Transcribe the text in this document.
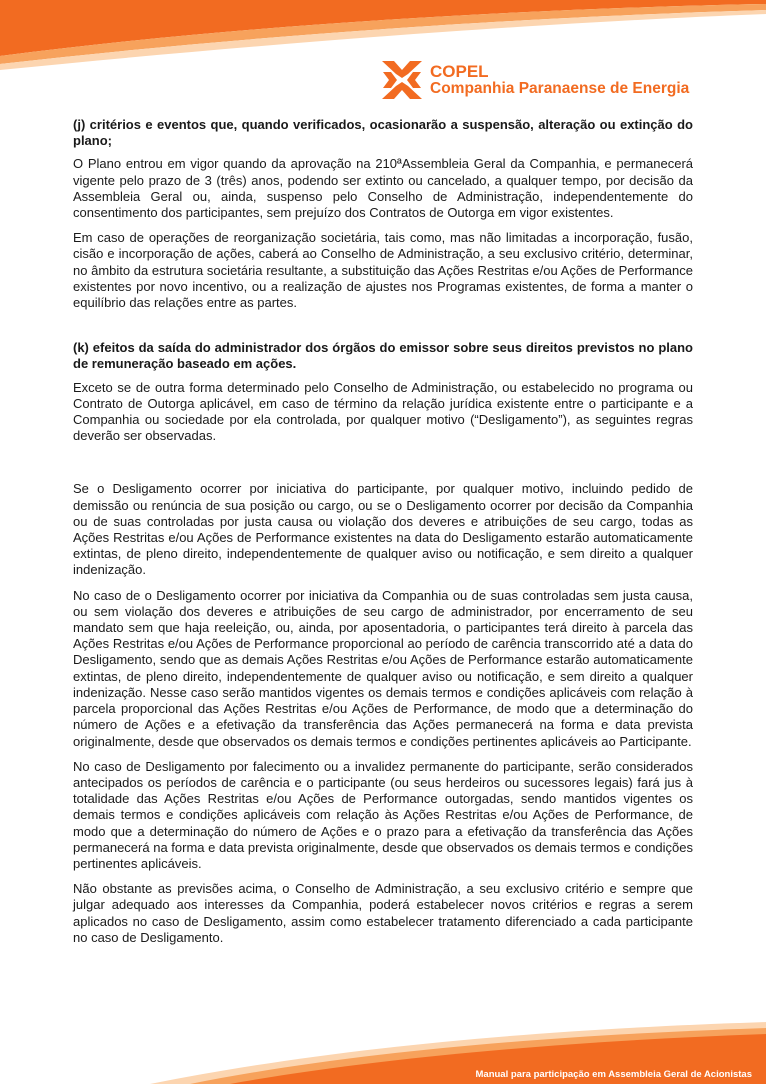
COPEL
Companhia Paranaense de Energia
(j) critérios e eventos que, quando verificados, ocasionarão a suspensão, alteração ou extinção do plano;

O Plano entrou em vigor quando da aprovação na 210ªAssembleia Geral da Companhia, e permanecerá vigente pelo prazo de 3 (três) anos, podendo ser extinto ou cancelado, a qualquer tempo, por decisão da Assembleia Geral ou, ainda, suspenso pelo Conselho de Administração, independentemente do consentimento dos participantes, sem prejuízo dos Contratos de Outorga em vigor existentes.

Em caso de operações de reorganização societária, tais como, mas não limitadas a incorporação, fusão, cisão e incorporação de ações, caberá ao Conselho de Administração, a seu exclusivo critério, determinar, no âmbito da estrutura societária resultante, a substituição das Ações Restritas e/ou Ações de Performance existentes por novo incentivo, ou a realização de ajustes nos Programas existentes, de forma a manter o equilíbrio das relações entre as partes.

(k) efeitos da saída do administrador dos órgãos do emissor sobre seus direitos previstos no plano de remuneração baseado em ações.

Exceto se de outra forma determinado pelo Conselho de Administração, ou estabelecido no programa ou Contrato de Outorga aplicável, em caso de término da relação jurídica existente entre o participante e a Companhia ou sociedade por ela controlada, por qualquer motivo (“Desligamento”), as seguintes regras deverão ser observadas.

Se o Desligamento ocorrer por iniciativa do participante, por qualquer motivo, incluindo pedido de demissão ou renúncia de sua posição ou cargo, ou se o Desligamento ocorrer por decisão da Companhia ou de suas controladas por justa causa ou violação dos deveres e atribuições de seu cargo, todas as Ações Restritas e/ou Ações de Performance existentes na data do Desligamento estarão automaticamente extintas, de pleno direito, independentemente de qualquer aviso ou notificação, e sem direito a qualquer indenização.

No caso de o Desligamento ocorrer por iniciativa da Companhia ou de suas controladas sem justa causa, ou sem violação dos deveres e atribuições de seu cargo de administrador, por encerramento de seu mandato sem que haja reeleição, ou, ainda, por aposentadoria, o participantes terá direito à parcela das Ações Restritas e/ou Ações de Performance proporcional ao período de carência transcorrido até a data do Desligamento, sendo que as demais Ações Restritas e/ou Ações de Performance estarão automaticamente extintas, de pleno direito, independentemente de qualquer aviso ou notificação, e sem direito a qualquer indenização. Nesse caso serão mantidos vigentes os demais termos e condições aplicáveis com relação à parcela proporcional das Ações Restritas e/ou Ações de Performance, de modo que a determinação do número de Ações e a efetivação da transferência das Ações permanecerá na forma e data prevista originalmente, desde que observados os demais termos e condições pertinentes aplicáveis ao Participante.

No caso de Desligamento por falecimento ou a invalidez permanente do participante, serão considerados antecipados os períodos de carência e o participante (ou seus herdeiros ou sucessores legais) fará jus à totalidade das Ações Restritas e/ou Ações de Performance outorgadas, sendo mantidos vigentes os demais termos e condições aplicáveis com relação às Ações Restritas e/ou Ações de Performance, de modo que a determinação do número de Ações e o prazo para a efetivação da transferência das Ações permanecerá na forma e data prevista originalmente, desde que observados os demais termos e condições pertinentes aplicáveis.

Não obstante as previsões acima, o Conselho de Administração, a seu exclusivo critério e sempre que julgar adequado aos interesses da Companhia, poderá estabelecer novos critérios e regras a serem aplicados no caso de Desligamento, assim como estabelecer tratamento diferenciado a cada participante no caso de Desligamento.

Manual para participação em Assembleia Geral de Acionistas
